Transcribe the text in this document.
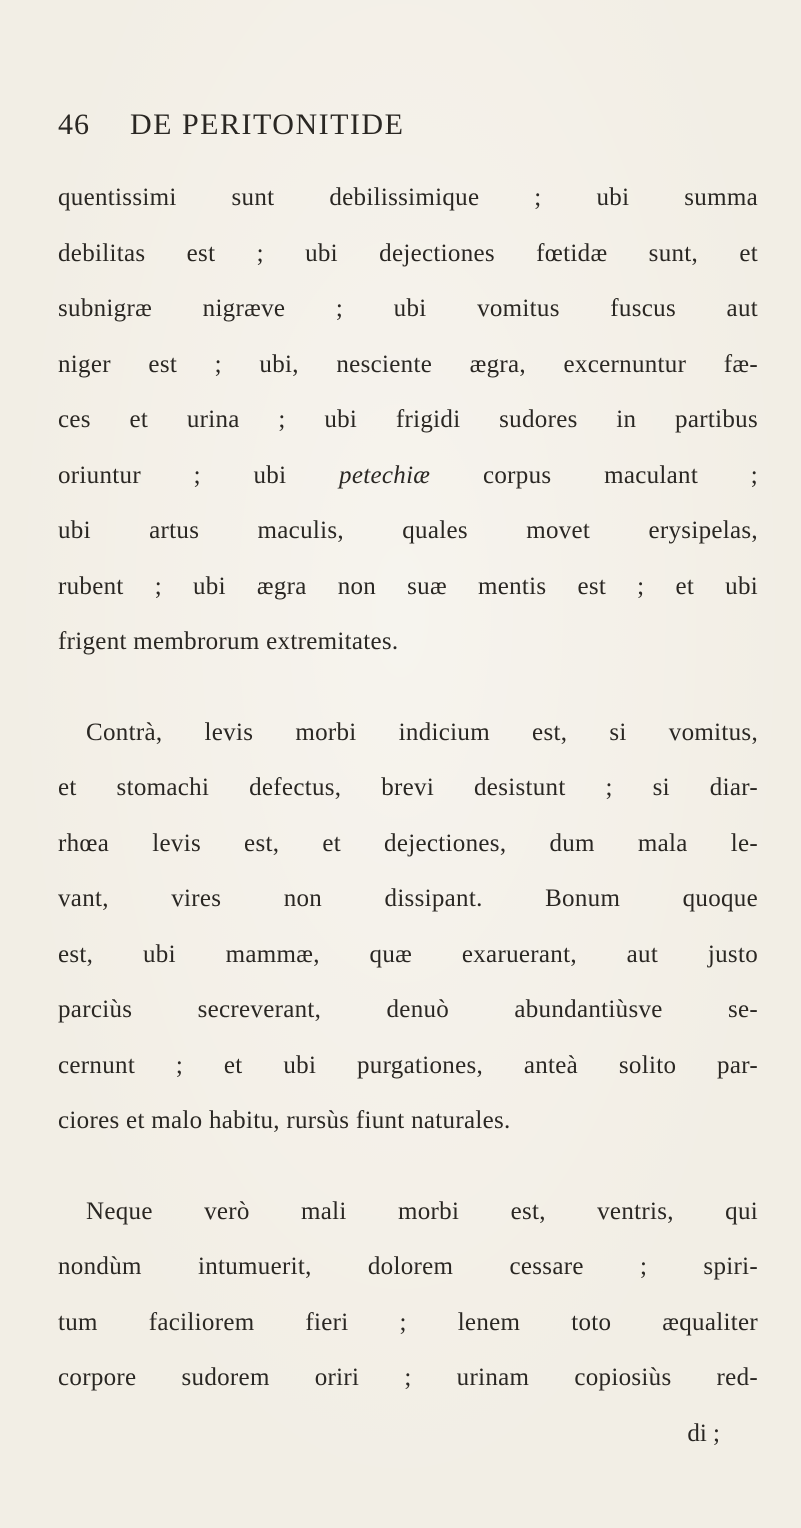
46 DE PERITONITIDE
quentissimi sunt debilissimique ; ubi summa
debilitas est ; ubi dejectiones fœtidæ sunt, et
subnigræ nigræve ; ubi vomitus fuscus aut
niger est ; ubi, nesciente ægra, excernuntur fæ-
ces et urina ; ubi frigidi sudores in partibus
oriuntur ; ubi petechiæ corpus maculant ;
ubi artus maculis, quales movet erysipelas,
rubent ; ubi ægra non suæ mentis est ; et ubi
frigent membrorum extremitates.
Contrà, levis morbi indicium est, si vomitus,
et stomachi defectus, brevi desistunt ; si diar-
rhœa levis est, et dejectiones, dum mala le-
vant, vires non dissipant. Bonum quoque
est, ubi mammæ, quæ exaruerant, aut justo
parciùs secreverant, denuò abundantiùsve se-
cernunt ; et ubi purgationes, anteà solito par-
ciores et malo habitu, rursùs fiunt naturales.
Neque verò mali morbi est, ventris, qui
nondùm intumuerit, dolorem cessare ; spiri-
tum faciliorem fieri ; lenem toto æqualiter
corpore sudorem oriri ; urinam copiosiùs red-
di ;
